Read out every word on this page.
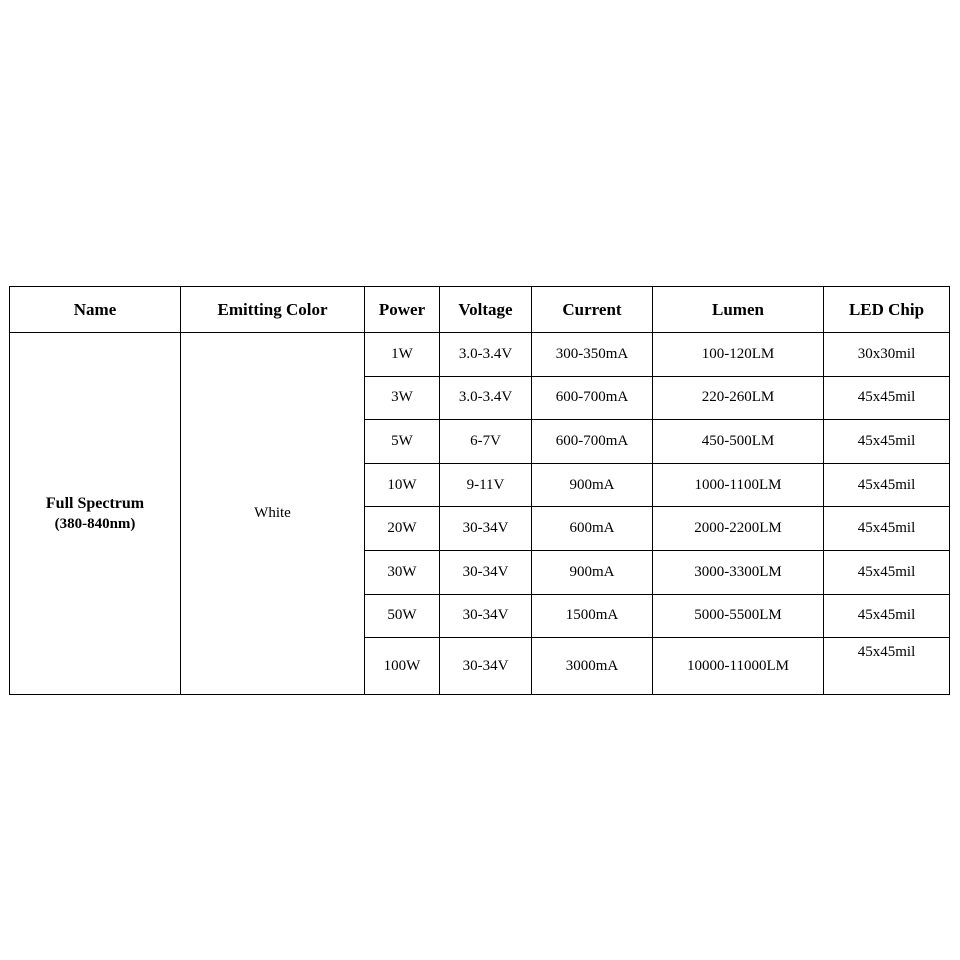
Name	Emitting Color	Power	Voltage	Current	Lumen	LED Chip

Full Spectrum
(380-840nm)	White	1W	3.0-3.4V	300-350mA	100-120LM	30x30mil
		3W	3.0-3.4V	600-700mA	220-260LM	45x45mil
		5W	6-7V	600-700mA	450-500LM	45x45mil
		10W	9-11V	900mA	1000-1100LM	45x45mil
		20W	30-34V	600mA	2000-2200LM	45x45mil
		30W	30-34V	900mA	3000-3300LM	45x45mil
		50W	30-34V	1500mA	5000-5500LM	45x45mil
		100W	30-34V	3000mA	10000-11000LM	45x45mil
